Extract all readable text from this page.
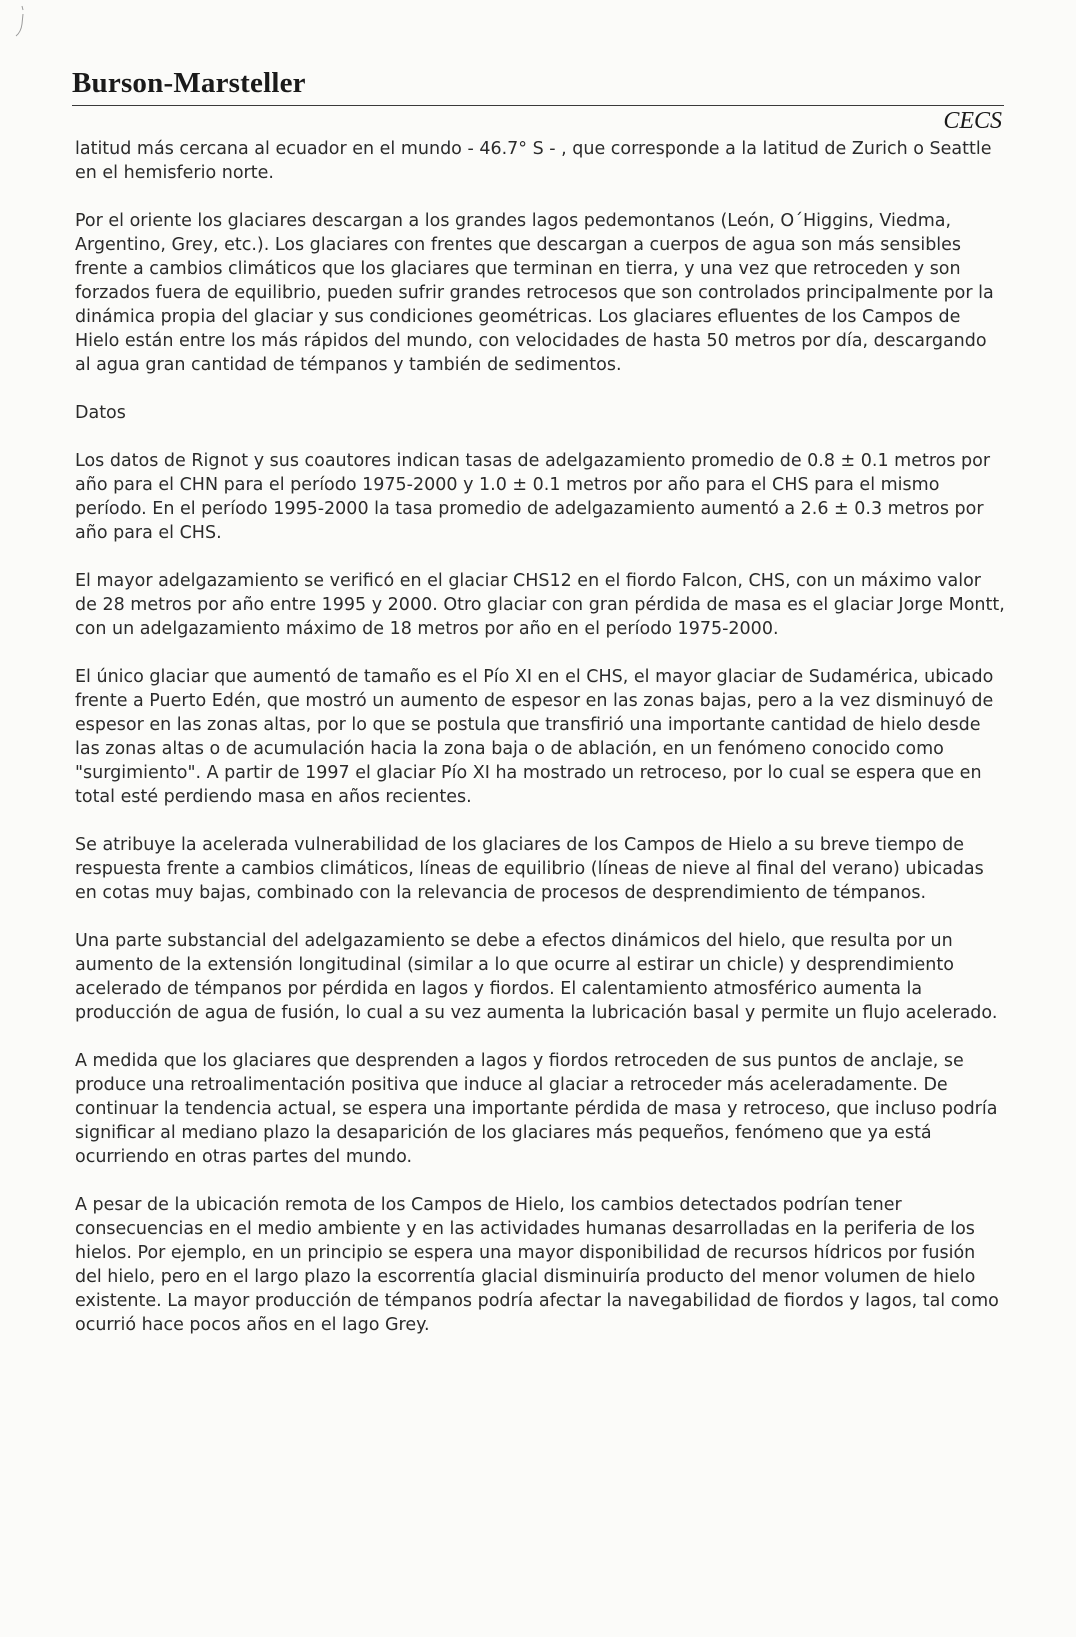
Burson-Marsteller
CECS

latitud más cercana al ecuador en el mundo - 46.7° S - , que corresponde a la latitud de Zurich o Seattle en el hemisferio norte.

Por el oriente los glaciares descargan a los grandes lagos pedemontanos (León, O´Higgins, Viedma, Argentino, Grey, etc.). Los glaciares con frentes que descargan a cuerpos de agua son más sensibles frente a cambios climáticos que los glaciares que terminan en tierra, y una vez que retroceden y son forzados fuera de equilibrio, pueden sufrir grandes retrocesos que son controlados principalmente por la dinámica propia del glaciar y sus condiciones geométricas. Los glaciares efluentes de los Campos de Hielo están entre los más rápidos del mundo, con velocidades de hasta 50 metros por día, descargando al agua gran cantidad de témpanos y también de sedimentos.

Datos

Los datos de Rignot y sus coautores indican tasas de adelgazamiento promedio de 0.8 ± 0.1 metros por año para el CHN para el período 1975-2000 y 1.0 ± 0.1 metros por año para el CHS para el mismo período. En el período 1995-2000 la tasa promedio de adelgazamiento aumentó a 2.6 ± 0.3 metros por año para el CHS.

El mayor adelgazamiento se verificó en el glaciar CHS12 en el fiordo Falcon, CHS, con un máximo valor de 28 metros por año entre 1995 y 2000. Otro glaciar con gran pérdida de masa es el glaciar Jorge Montt, con un adelgazamiento máximo de 18 metros por año en el período 1975-2000.

El único glaciar que aumentó de tamaño es el Pío XI en el CHS, el mayor glaciar de Sudamérica, ubicado frente a Puerto Edén, que mostró un aumento de espesor en las zonas bajas, pero a la vez disminuyó de espesor en las zonas altas, por lo que se postula que transfirió una importante cantidad de hielo desde las zonas altas o de acumulación hacia la zona baja o de ablación, en un fenómeno conocido como "surgimiento". A partir de 1997 el glaciar Pío XI ha mostrado un retroceso, por lo cual se espera que en total esté perdiendo masa en años recientes.

Se atribuye la acelerada vulnerabilidad de los glaciares de los Campos de Hielo a su breve tiempo de respuesta frente a cambios climáticos, líneas de equilibrio (líneas de nieve al final del verano) ubicadas en cotas muy bajas, combinado con la relevancia de procesos de desprendimiento de témpanos.

Una parte substancial del adelgazamiento se debe a efectos dinámicos del hielo, que resulta por un aumento de la extensión longitudinal (similar a lo que ocurre al estirar un chicle) y desprendimiento acelerado de témpanos por pérdida en lagos y fiordos. El calentamiento atmosférico aumenta la producción de agua de fusión, lo cual a su vez aumenta la lubricación basal y permite un flujo acelerado.

A medida que los glaciares que desprenden a lagos y fiordos retroceden de sus puntos de anclaje, se produce una retroalimentación positiva que induce al glaciar a retroceder más aceleradamente. De continuar la tendencia actual, se espera una importante pérdida de masa y retroceso, que incluso podría significar al mediano plazo la desaparición de los glaciares más pequeños, fenómeno que ya está ocurriendo en otras partes del mundo.

A pesar de la ubicación remota de los Campos de Hielo, los cambios detectados podrían tener consecuencias en el medio ambiente y en las actividades humanas desarrolladas en la periferia de los hielos. Por ejemplo, en un principio se espera una mayor disponibilidad de recursos hídricos por fusión del hielo, pero en el largo plazo la escorrentía glacial disminuiría producto del menor volumen de hielo existente. La mayor producción de témpanos podría afectar la navegabilidad de fiordos y lagos, tal como ocurrió hace pocos años en el lago Grey.
